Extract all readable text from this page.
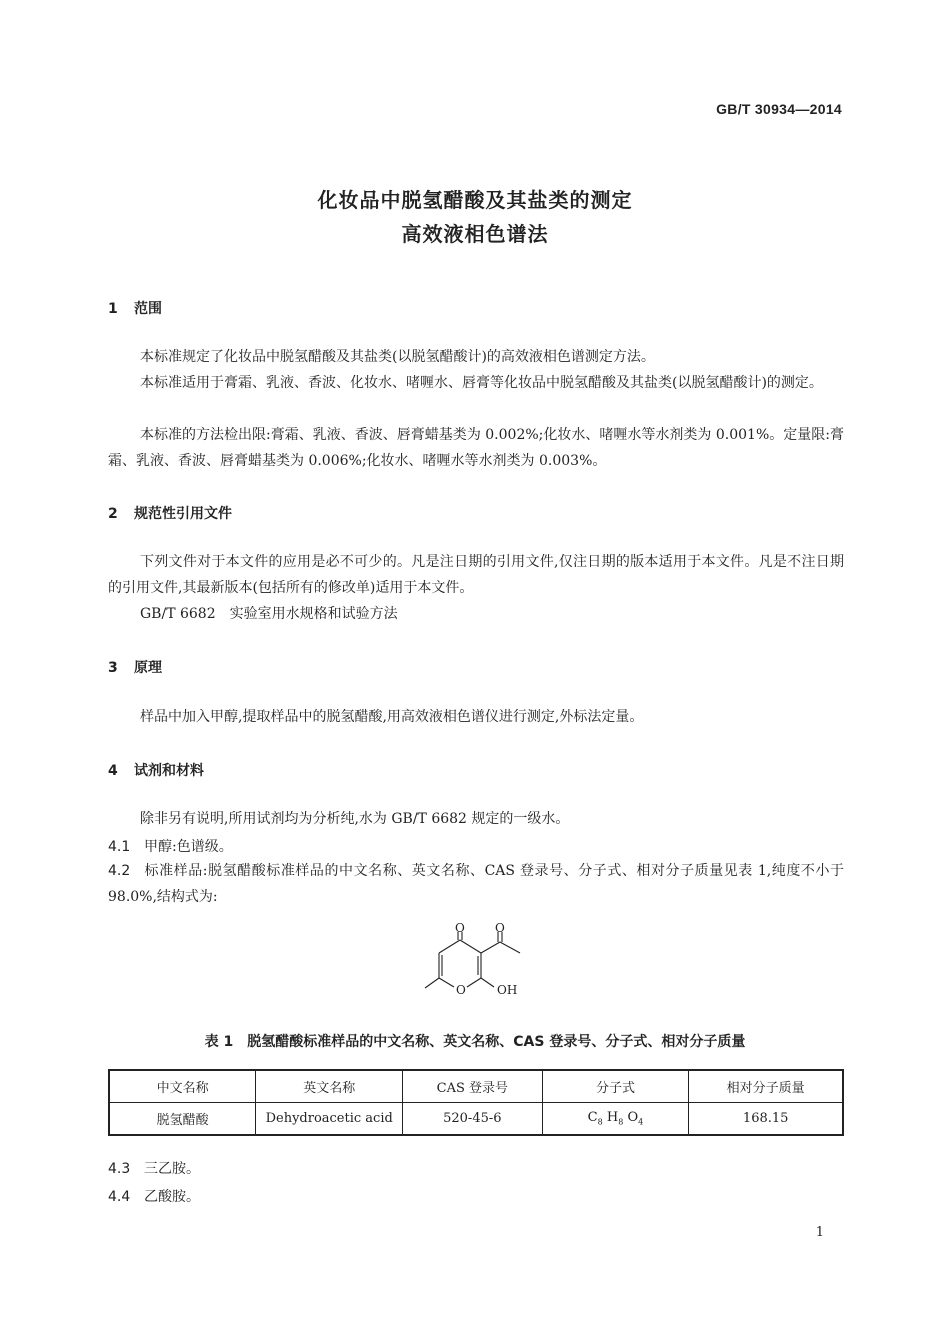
GB/T 30934—2014
化妆品中脱氢醋酸及其盐类的测定
高效液相色谱法
1 范围
本标准规定了化妆品中脱氢醋酸及其盐类(以脱氢醋酸计)的高效液相色谱测定方法。
本标准适用于膏霜、乳液、香波、化妆水、啫喱水、唇膏等化妆品中脱氢醋酸及其盐类(以脱氢醋酸计)的测定。
本标准的方法检出限:膏霜、乳液、香波、唇膏蜡基类为 0.002%;化妆水、啫喱水等水剂类为 0.001%。定量限:膏霜、乳液、香波、唇膏蜡基类为 0.006%;化妆水、啫喱水等水剂类为 0.003%。
2 规范性引用文件
下列文件对于本文件的应用是必不可少的。凡是注日期的引用文件,仅注日期的版本适用于本文件。凡是不注日期的引用文件,其最新版本(包括所有的修改单)适用于本文件。
GB/T 6682　实验室用水规格和试验方法
3 原理
样品中加入甲醇,提取样品中的脱氢醋酸,用高效液相色谱仪进行测定,外标法定量。
4 试剂和材料
除非另有说明,所用试剂均为分析纯,水为 GB/T 6682 规定的一级水。
4.1 甲醇:色谱级。
4.2 标准样品:脱氢醋酸标准样品的中文名称、英文名称、CAS 登录号、分子式、相对分子质量见表 1,纯度不小于 98.0%,结构式为:
O	O
O	OH
表 1　脱氢醋酸标准样品的中文名称、英文名称、CAS 登录号、分子式、相对分子质量
中文名称	英文名称	CAS 登录号	分子式	相对分子质量
脱氢醋酸	Dehydroacetic acid	520-45-6	$C_8$ $H_8$ $O_4$	168.15
4.3 三乙胺。
4.4 乙酸胺。
1
